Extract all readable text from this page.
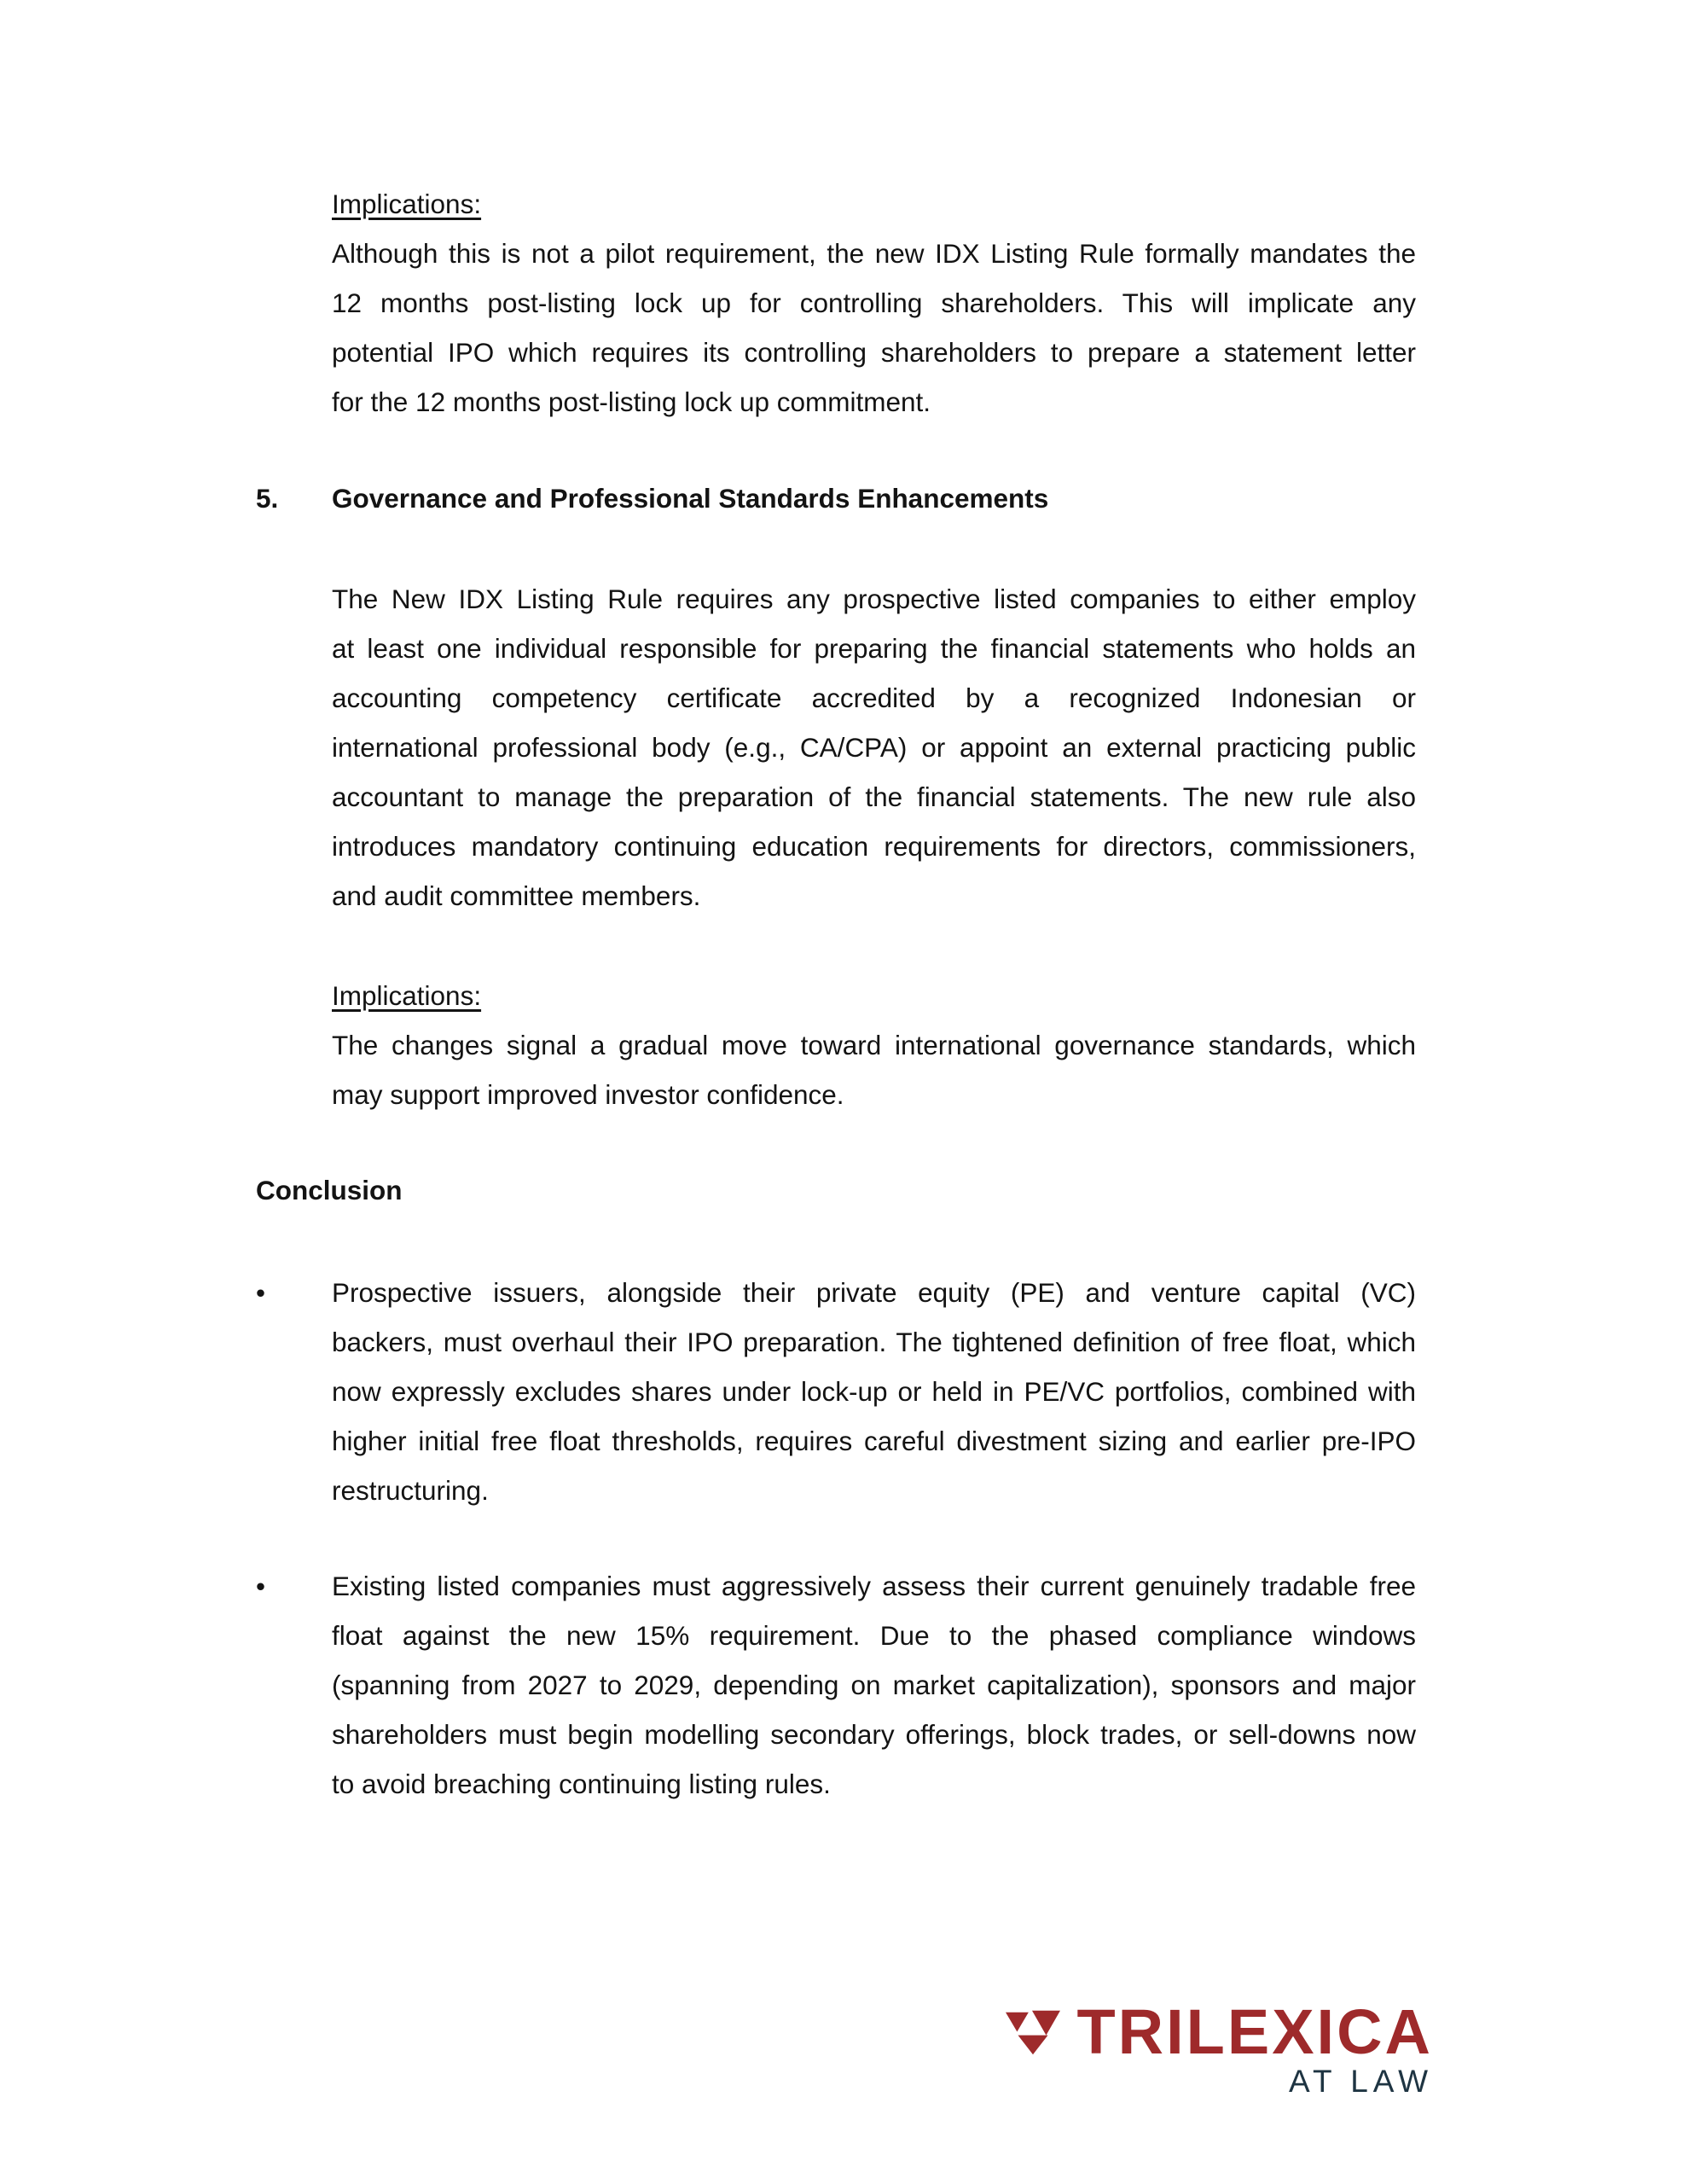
Implications:
Although this is not a pilot requirement, the new IDX Listing Rule formally mandates the
12 months post-listing lock up for controlling shareholders. This will implicate any
potential IPO which requires its controlling shareholders to prepare a statement letter
for the 12 months post-listing lock up commitment.
5.	Governance and Professional Standards Enhancements
The New IDX Listing Rule requires any prospective listed companies to either employ
at least one individual responsible for preparing the financial statements who holds an
accounting competency certificate accredited by a recognized Indonesian or
international professional body (e.g., CA/CPA) or appoint an external practicing public
accountant to manage the preparation of the financial statements. The new rule also
introduces mandatory continuing education requirements for directors, commissioners,
and audit committee members.
Implications:
The changes signal a gradual move toward international governance standards, which
may support improved investor confidence.
Conclusion
•	Prospective issuers, alongside their private equity (PE) and venture capital (VC)
backers, must overhaul their IPO preparation. The tightened definition of free float, which
now expressly excludes shares under lock-up or held in PE/VC portfolios, combined with
higher initial free float thresholds, requires careful divestment sizing and earlier pre-IPO
restructuring.
•	Existing listed companies must aggressively assess their current genuinely tradable free
float against the new 15% requirement. Due to the phased compliance windows
(spanning from 2027 to 2029, depending on market capitalization), sponsors and major
shareholders must begin modelling secondary offerings, block trades, or sell-downs now
to avoid breaching continuing listing rules.
TRILEXICA
AT LAW
